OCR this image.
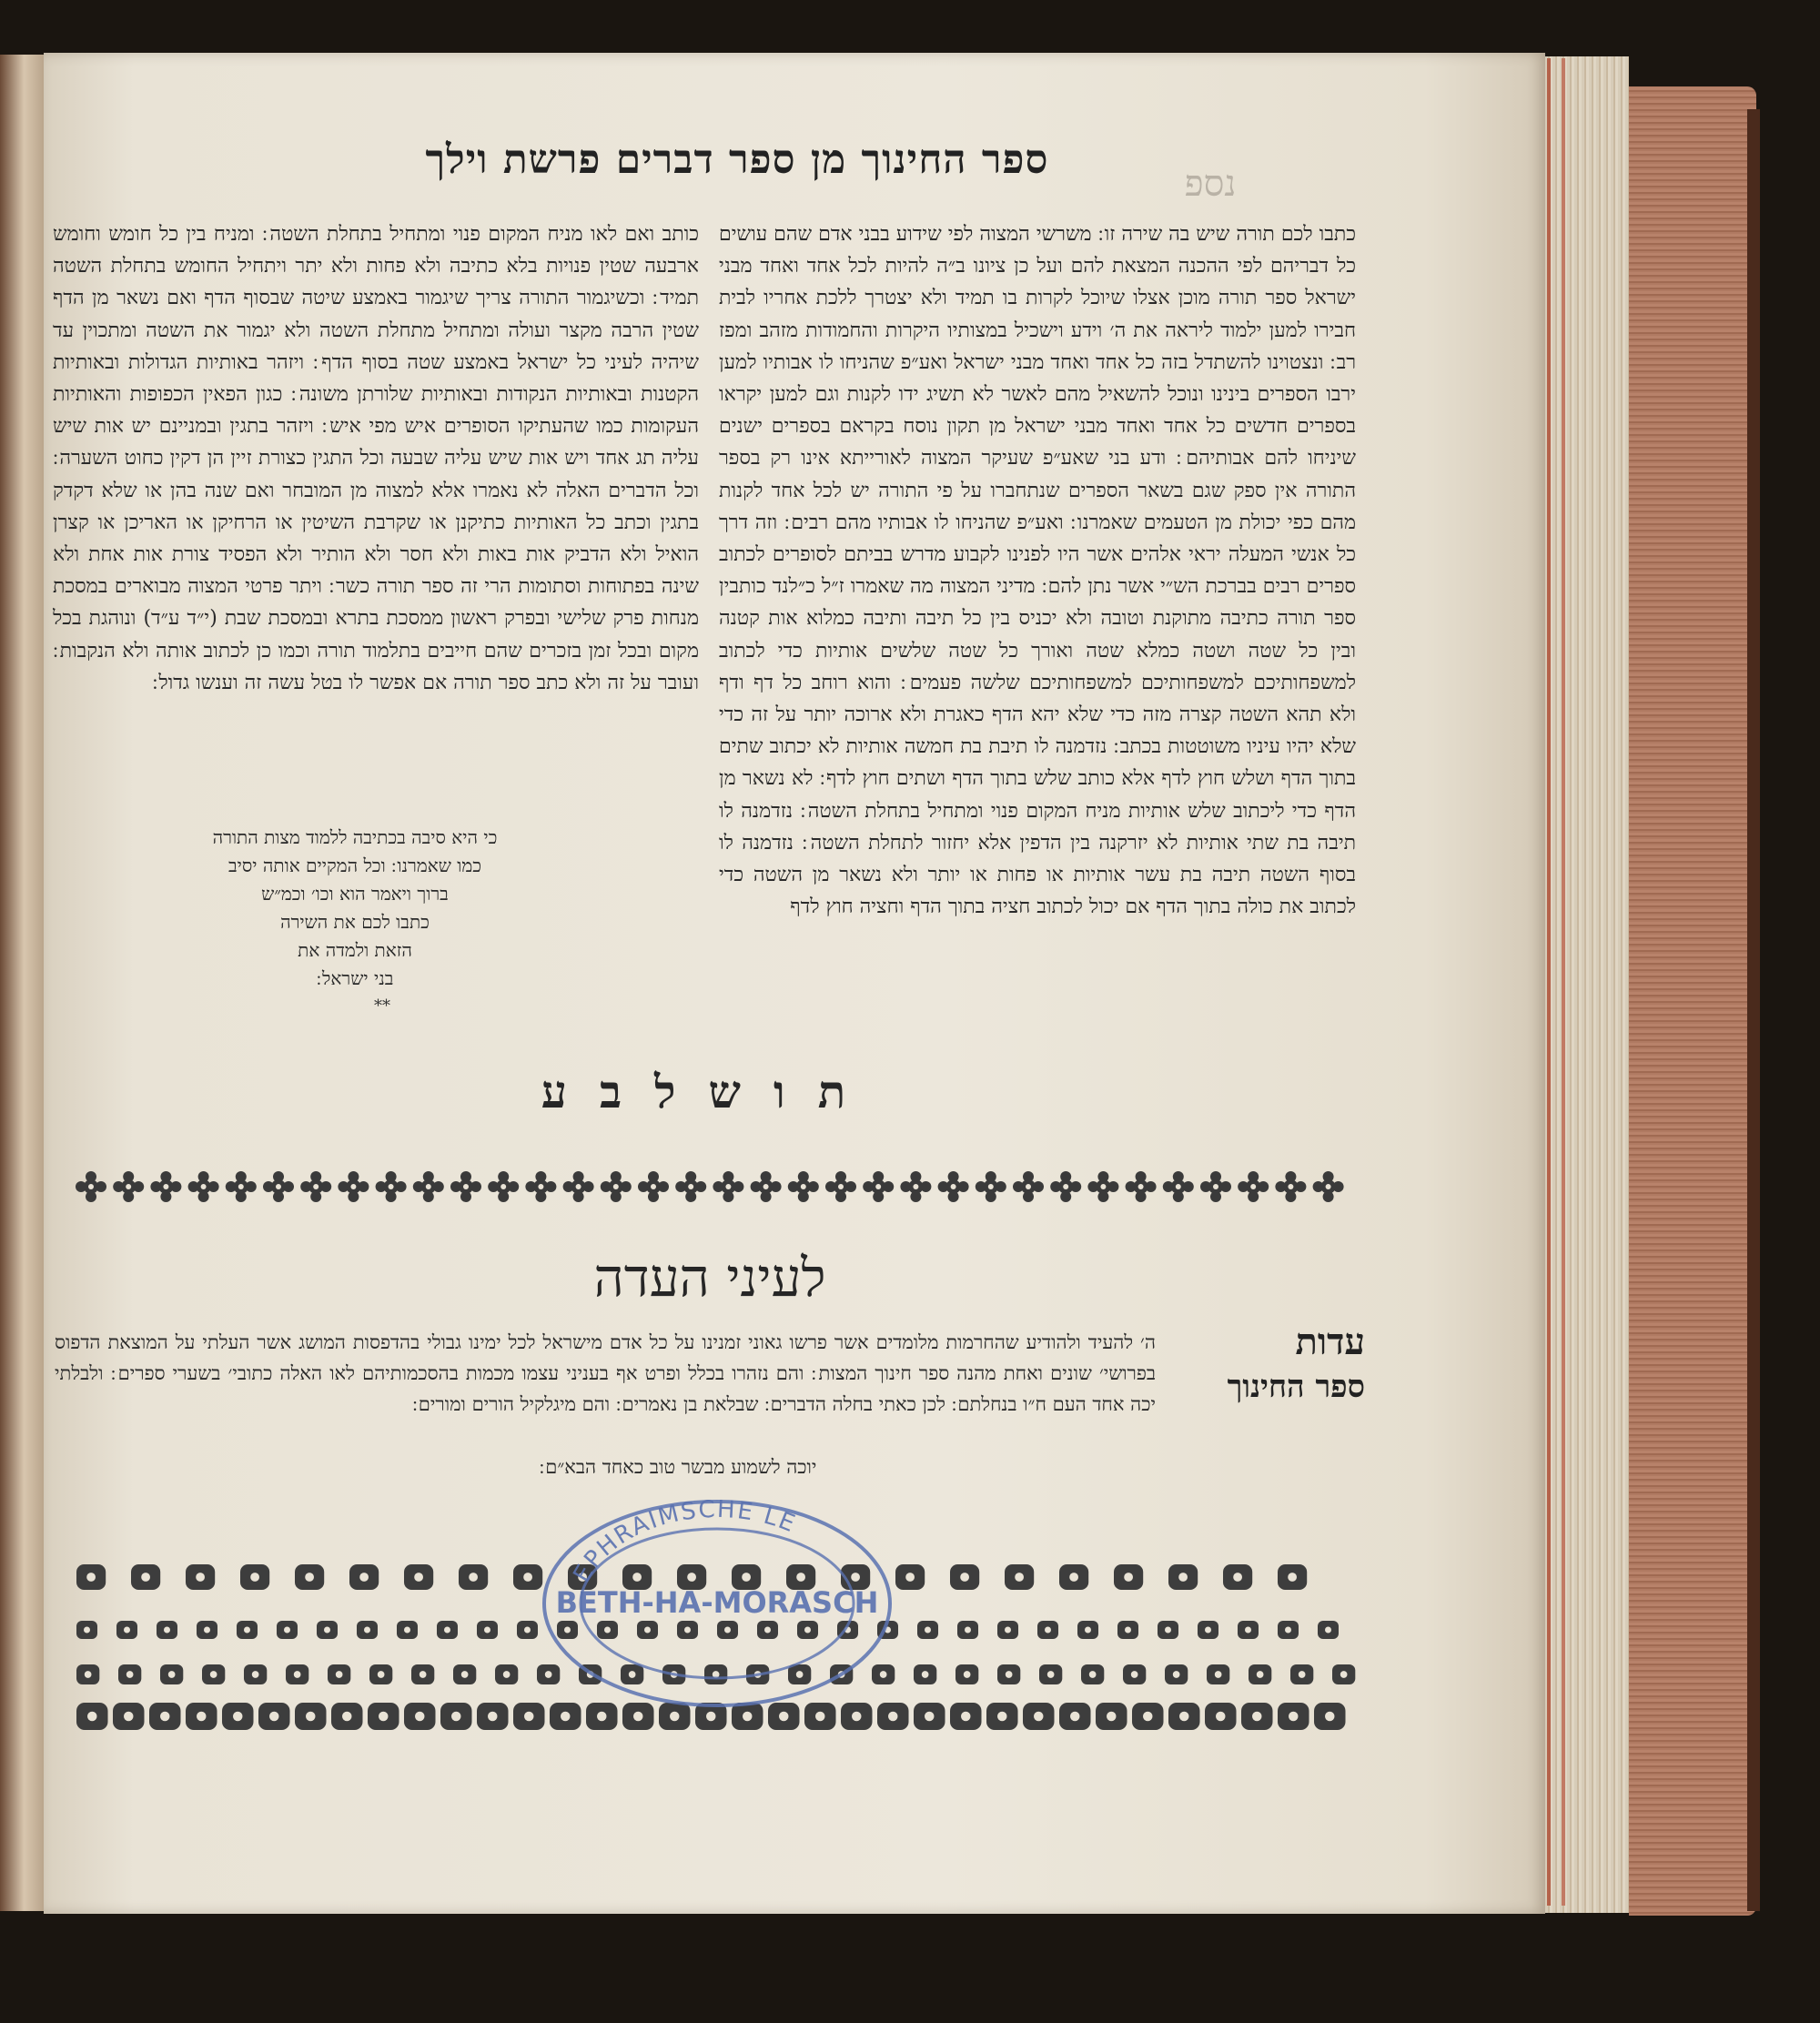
ספר החינוך מן ספר דברים פרשת וילך
נספ
כתבו לכם תורה שיש בה שירה זו ׃ משרשי המצוה לפי שידוע בבני אדם שהם עושים כל דבריהם לפי ההכנה המצאת להם ועל כן ציונו ב״ה להיות לכל אחד ואחד מבני ישראל ספר תורה מוכן אצלו שיוכל לקרות בו תמיד ולא יצטרך ללכת אחריו לבית חבירו למען ילמוד ליראה את ה׳ וידע וישכיל במצותיו היקרות והחמודות מזהב ומפז רב ׃ ונצטוינו להשתדל בזה כל אחד ואחד מבני ישראל ואע״פ שהניחו לו אבותיו למען ירבו הספרים בינינו ונוכל להשאיל מהם לאשר לא תשיג ידו לקנות וגם למען יקראו בספרים חדשים כל אחד ואחד מבני ישראל מן תקון נוסח בקראם בספרים ישנים שיניחו להם אבותיהם ׃ ודע בני שאע״פ שעיקר המצוה לאורייתא אינו רק בספר התורה אין ספק שגם בשאר הספרים שנתחברו על פי התורה יש לכל אחד לקנות מהם כפי יכולת מן הטעמים שאמרנו ׃ ואע״פ שהניחו לו אבותיו מהם רבים ׃ וזה דרך כל אנשי המעלה יראי אלהים אשר היו לפנינו לקבוע מדרש בביתם לסופרים לכתוב ספרים רבים בברכת הש״י אשר נתן להם ׃ מדיני המצוה מה שאמרו ז״ל כ״לנד כותבין ספר תורה כתיבה מתוקנת וטובה ולא יכניס בין כל תיבה ותיבה כמלוא אות קטנה ובין כל שטה ושטה כמלא שטה ואורך כל שטה שלשים אותיות כדי לכתוב למשפחותיכם למשפחותיכם למשפחותיכם שלשה פעמים ׃ והוא רוחב כל דף ודף ולא תהא השטה קצרה מזה כדי שלא יהא הדף כאגרת ולא ארוכה יותר על זה כדי שלא יהיו עיניו משוטטות בכתב ׃ נזדמנה לו תיבת בת חמשה אותיות לא יכתוב שתים בתוך הדף ושלש חוץ לדף אלא כותב שלש בתוך הדף ושתים חוץ לדף ׃ לא נשאר מן הדף כדי ליכתוב שלש אותיות מניח המקום פנוי ומתחיל בתחלת השטה ׃ נזדמנה לו תיבה בת שתי אותיות לא יזרקנה בין הדפין אלא יחזור לתחלת השטה ׃ נזדמנה לו בסוף השטה תיבה בת עשר אותיות או פחות או יותר ולא נשאר מן השטה כדי לכתוב את כולה בתוך הדף אם יכול לכתוב חציה בתוך הדף וחציה חוץ לדף
כותב ואם לאו מניח המקום פנוי ומתחיל בתחלת השטה ׃ ומניח בין כל חומש וחומש ארבעה שטין פנויות בלא כתיבה ולא פחות ולא יתר ויתחיל החומש בתחלת השטה תמיד ׃ וכשיגמור התורה צריך שיגמור באמצע שיטה שבסוף הדף ואם נשאר מן הדף שטין הרבה מקצר ועולה ומתחיל מתחלת השטה ולא יגמור את השטה ומתכוין עד שיהיה לעיני כל ישראל באמצע שטה בסוף הדף ׃ ויזהר באותיות הגדולות ובאותיות הקטנות ובאותיות הנקודות ובאותיות שלורתן משונה ׃ כגון הפאין הכפופות והאותיות העקומות כמו שהעתיקו הסופרים איש מפי איש ׃ ויזהר בתגין ובמניינם יש אות שיש עליה תג אחד ויש אות שיש עליה שבעה וכל התגין כצורת זיין הן דקין כחוט השערה ׃ וכל הדברים האלה לא נאמרו אלא למצוה מן המובחר ואם שנה בהן או שלא דקדק בתגין וכתב כל האותיות כתיקנן או שקרבת השיטין או הרחיקן או האריכן או קצרן הואיל ולא הדביק אות באות ולא חסר ולא הותיר ולא הפסיד צורת אות אחת ולא שינה בפתוחות וסתומות הרי זה ספר תורה כשר ׃ ויתר פרטי המצוה מבוארים במסכת מנחות פרק שלישי ובפרק ראשון ממסכת בתרא ובמסכת שבת (י״ד ע״ד) ונוהגת בכל מקום ובכל זמן בזכרים שהם חייבים בתלמוד תורה וכמו כן לכתוב אותה ולא הנקבות ׃ ועובר על זה ולא כתב ספר תורה אם אפשר לו בטל עשה זה וענשו גדול ׃
כי היא סיבה בכתיבה ללמוד מצות התורה
כמו שאמרנו ׃ וכל המקיים אותה יסיב
ברוך ויאמר הוא וכו׳ וכמ״ש
כתבו לכם את השירה
הזאת ולמדה את
בני ישראל ׃
**
תושלבע
לעיני העדה
עדות
ספר החינוך
ה׳ להעיד ולהודיע שהחרמות מלומדים אשר פרשו גאוני זמנינו על כל אדם מישראל לכל ימינו גבולי בהדפסות המושג אשר העלתי על המוצאת הדפוס בפרושי׳ שונים ואחת מהנה ספר חינוך המצות ׃ והם נזהרו בכלל ופרט אף בעניני עצמו מכמות בהסכמותיהם לאו האלה כתובי׳ בשערי ספרים ׃ ולבלתי יכה אחד העם ח״ו בנחלתם ׃ לכן כאתי בחלה הדברים ׃ שבלאת בן נאמרים ׃ והם מיגלקיל הורים ומורים ׃
יוכה לשמוע מבשר טוב כאחד הבא״ם ׃
EPHRAIMSCHE LE
BETH-HA-MORASCH
